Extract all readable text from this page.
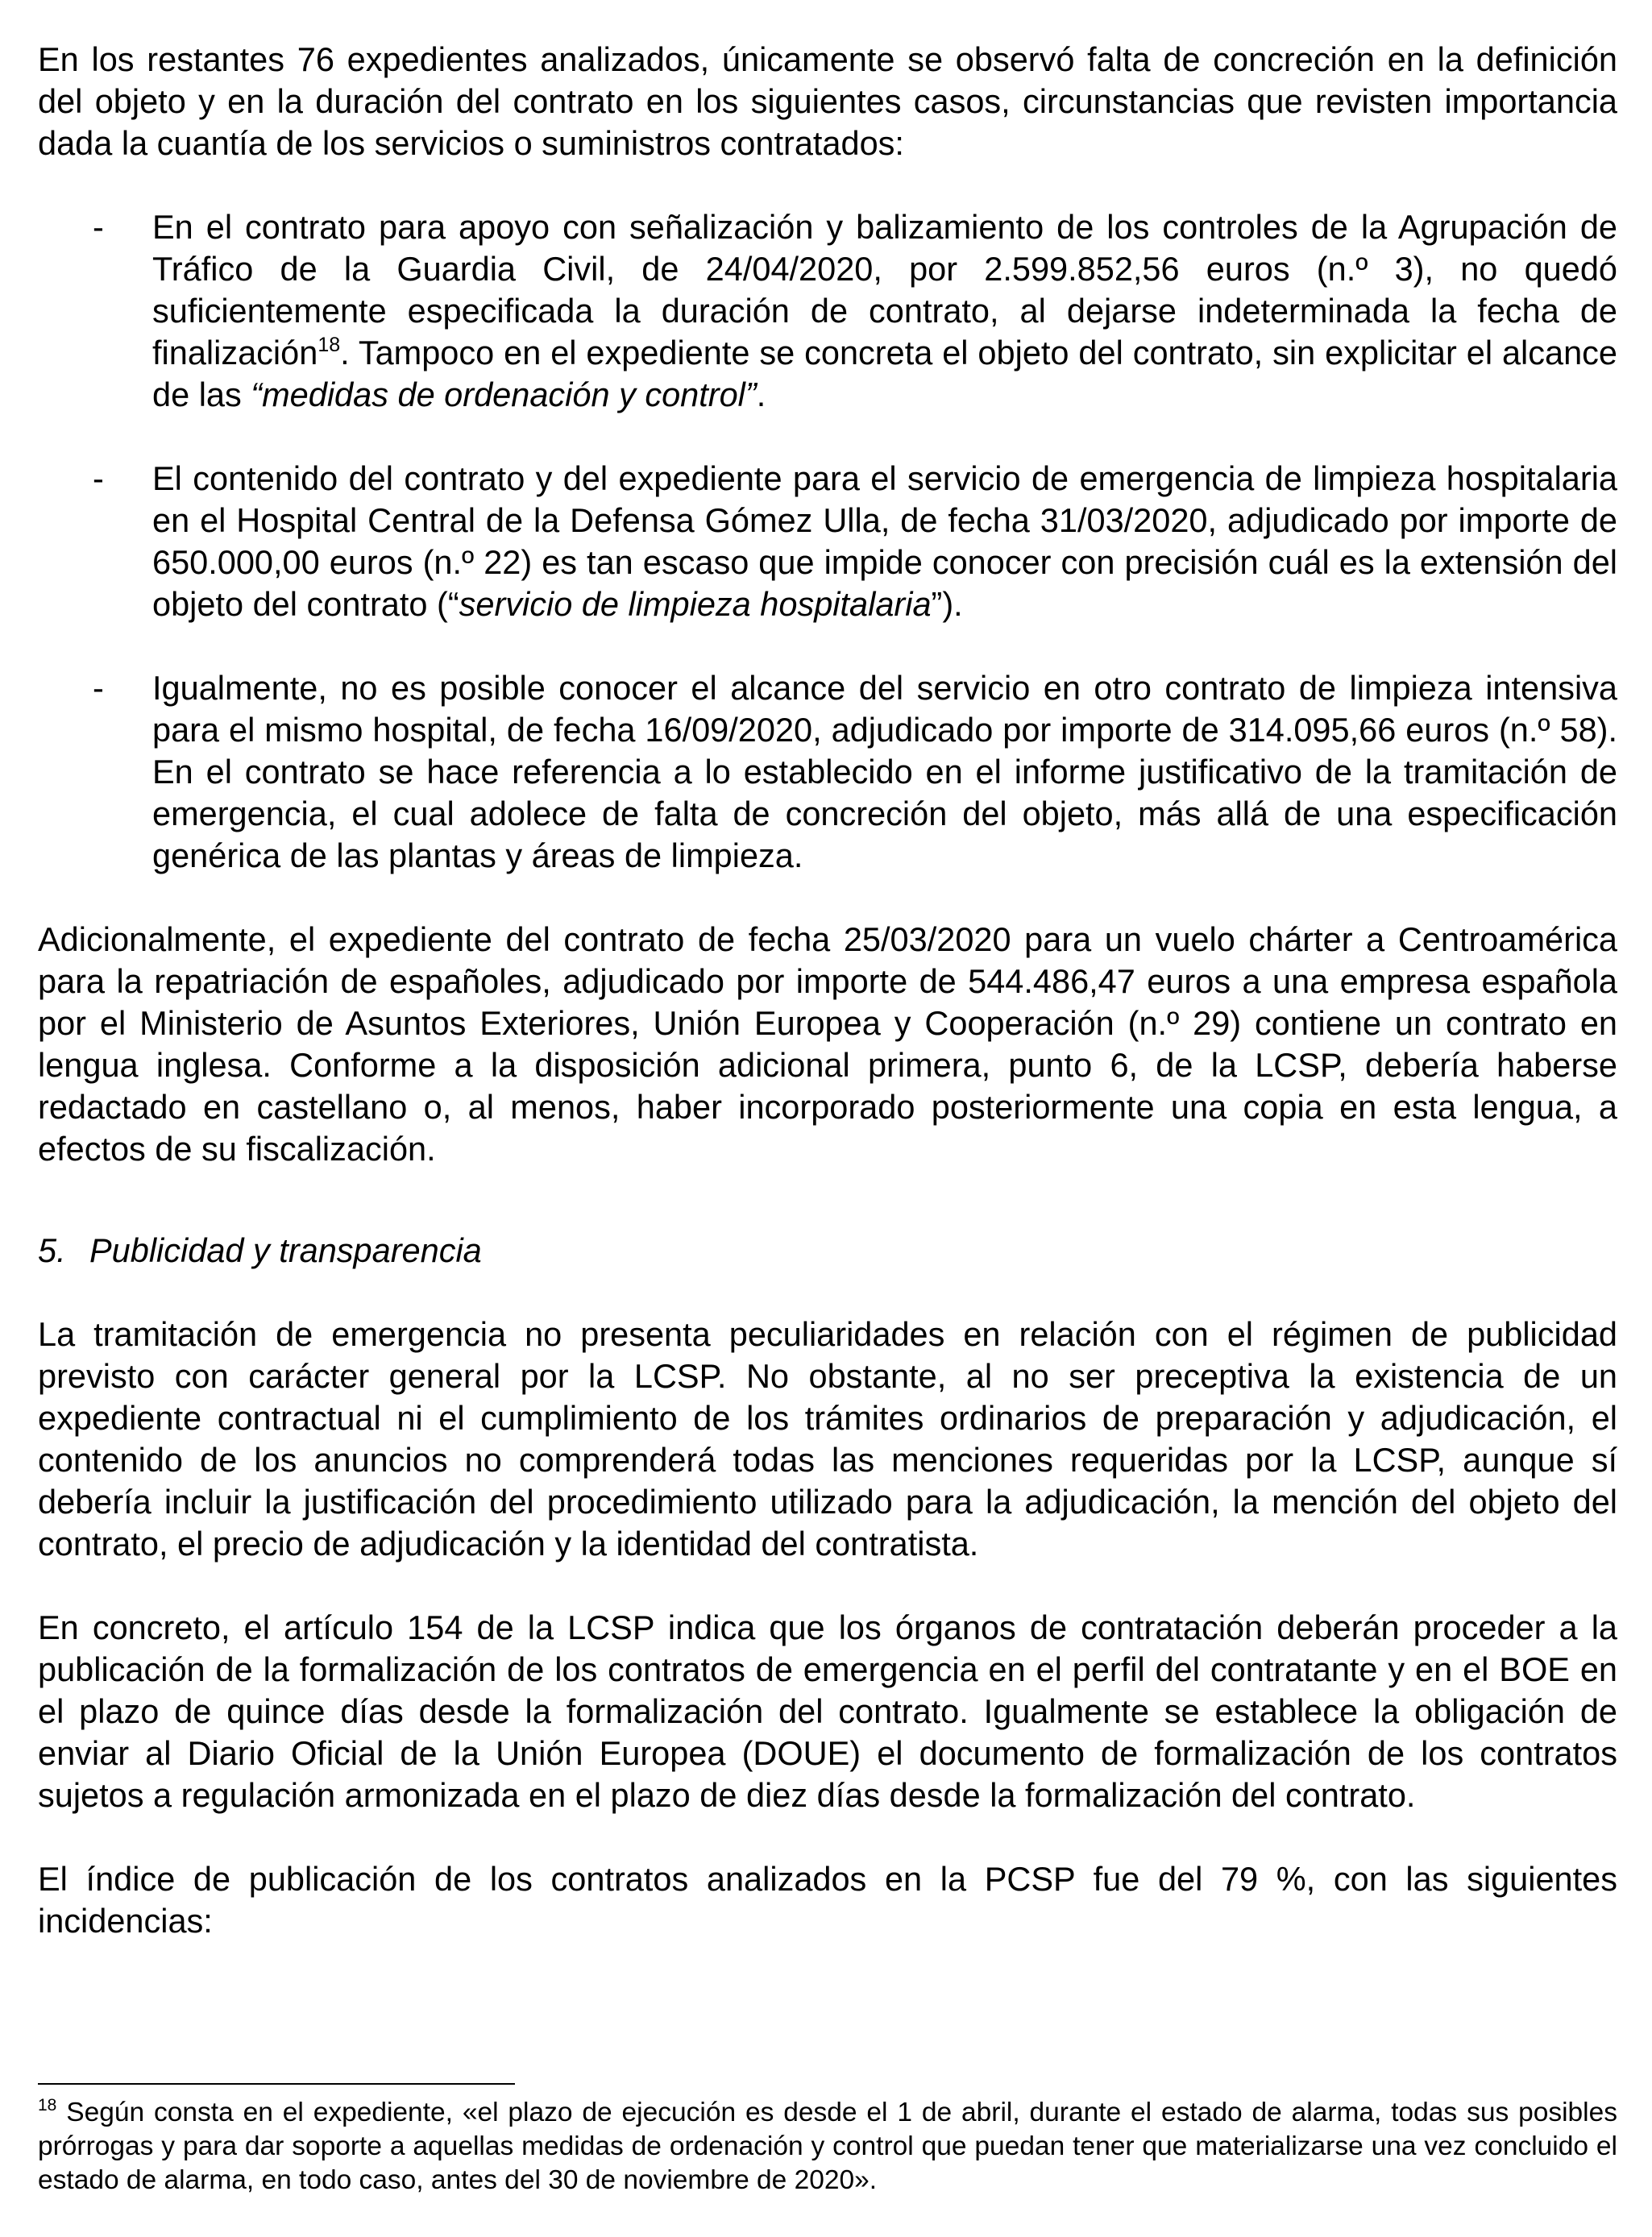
En los restantes 76 expedientes analizados, únicamente se observó falta de concreción en la definición del objeto y en la duración del contrato en los siguientes casos, circunstancias que revisten importancia dada la cuantía de los servicios o suministros contratados:

- En el contrato para apoyo con señalización y balizamiento de los controles de la Agrupación de Tráfico de la Guardia Civil, de 24/04/2020, por 2.599.852,56 euros (n.º 3), no quedó suficientemente especificada la duración de contrato, al dejarse indeterminada la fecha de finalización$^{18}$. Tampoco en el expediente se concreta el objeto del contrato, sin explicitar el alcance de las “medidas de ordenación y control”.
- El contenido del contrato y del expediente para el servicio de emergencia de limpieza hospitalaria en el Hospital Central de la Defensa Gómez Ulla, de fecha 31/03/2020, adjudicado por importe de 650.000,00 euros (n.º 22) es tan escaso que impide conocer con precisión cuál es la extensión del objeto del contrato (“servicio de limpieza hospitalaria”).
- Igualmente, no es posible conocer el alcance del servicio en otro contrato de limpieza intensiva para el mismo hospital, de fecha 16/09/2020, adjudicado por importe de 314.095,66 euros (n.º 58). En el contrato se hace referencia a lo establecido en el informe justificativo de la tramitación de emergencia, el cual adolece de falta de concreción del objeto, más allá de una especificación genérica de las plantas y áreas de limpieza.

Adicionalmente, el expediente del contrato de fecha 25/03/2020 para un vuelo chárter a Centroamérica para la repatriación de españoles, adjudicado por importe de 544.486,47 euros a una empresa española por el Ministerio de Asuntos Exteriores, Unión Europea y Cooperación (n.º 29) contiene un contrato en lengua inglesa. Conforme a la disposición adicional primera, punto 6, de la LCSP, debería haberse redactado en castellano o, al menos, haber incorporado posteriormente una copia en esta lengua, a efectos de su fiscalización.

5. Publicidad y transparencia

La tramitación de emergencia no presenta peculiaridades en relación con el régimen de publicidad previsto con carácter general por la LCSP. No obstante, al no ser preceptiva la existencia de un expediente contractual ni el cumplimiento de los trámites ordinarios de preparación y adjudicación, el contenido de los anuncios no comprenderá todas las menciones requeridas por la LCSP, aunque sí debería incluir la justificación del procedimiento utilizado para la adjudicación, la mención del objeto del contrato, el precio de adjudicación y la identidad del contratista.

En concreto, el artículo 154 de la LCSP indica que los órganos de contratación deberán proceder a la publicación de la formalización de los contratos de emergencia en el perfil del contratante y en el BOE en el plazo de quince días desde la formalización del contrato. Igualmente se establece la obligación de enviar al Diario Oficial de la Unión Europea (DOUE) el documento de formalización de los contratos sujetos a regulación armonizada en el plazo de diez días desde la formalización del contrato.

El índice de publicación de los contratos analizados en la PCSP fue del 79 %, con las siguientes incidencias:

$^{18}$ Según consta en el expediente, «el plazo de ejecución es desde el 1 de abril, durante el estado de alarma, todas sus posibles prórrogas y para dar soporte a aquellas medidas de ordenación y control que puedan tener que materializarse una vez concluido el estado de alarma, en todo caso, antes del 30 de noviembre de 2020».
